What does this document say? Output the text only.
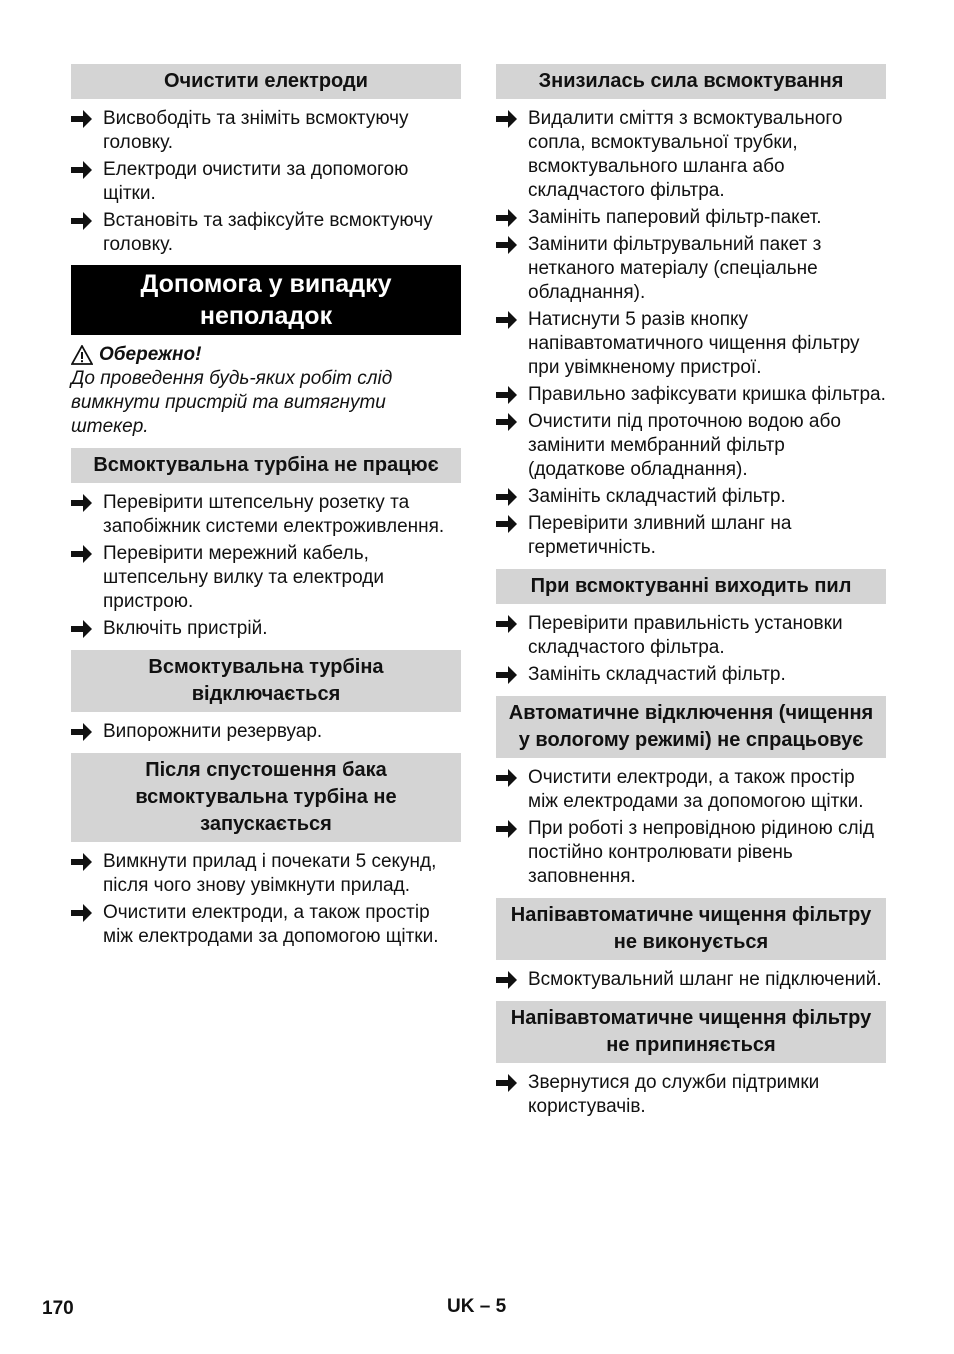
Очистити електроди
Висвободіть та зніміть всмоктуючу головку.
Електроди очистити за допомогою щітки.
Встановіть та зафіксуйте всмоктуючу головку.
Допомога у випадку
неполадок
Обережно!
До проведення будь-яких робіт слід вимкнути пристрій та витягнути штекер.
Всмоктувальна турбіна не працює
Перевірити штепсельну розетку та запобіжник системи електроживлення.
Перевірити мережний кабель, штепсельну вилку та електроди пристрою.
Включіть пристрій.
Всмоктувальна турбіна відключається
Випорожнити резервуар.
Після спустошення бака всмоктувальна турбіна не запускається
Вимкнути прилад і почекати 5 секунд, після чого знову увімкнути прилад.
Очистити електроди, а також простір між електродами за допомогою щітки.
Знизилась сила всмоктування
Видалити сміття з всмоктувального сопла, всмоктувальної трубки, всмоктувального шланга або складчастого фільтра.
Замініть паперовий фільтр-пакет.
Замінити фільтрувальний пакет з нетканого матеріалу (спеціальне обладнання).
Натиснути 5 разів кнопку напівавтоматичного чищення фільтру при увімкненому пристрої.
Правильно зафіксувати кришка фільтра.
Очистити під проточною водою або замінити мембранний фільтр (додаткове обладнання).
Замініть складчастий фільтр.
Перевірити зливний шланг на герметичність.
При всмоктуванні виходить пил
Перевірити правильність установки складчастого фільтра.
Замініть складчастий фільтр.
Автоматичне відключення (чищення у вологому режимі) не спрацьовує
Очистити електроди, а також простір між електродами за допомогою щітки.
При роботі з непровідною рідиною слід постійно контролювати рівень заповнення.
Напівавтоматичне чищення фільтру не виконується
Всмоктувальний шланг не підключений.
Напівавтоматичне чищення фільтру не припиняється
Звернутися до служби підтримки користувачів.
170	UK – 5
